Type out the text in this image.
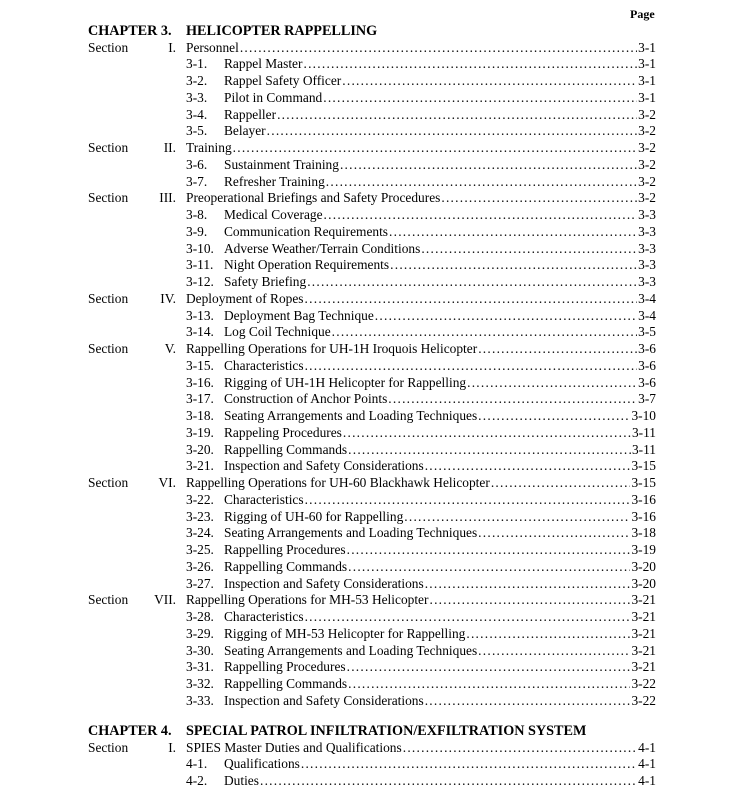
Page
CHAPTER 3. HELICOPTER RAPPELLING
Section	I. Personnel . . .	3-1
3-1.	Rappel Master . . .	3-1
3-2.	Rappel Safety Officer . . .	3-1
3-3.	Pilot in Command . . .	3-1
3-4.	Rappeller . . .	3-2
3-5.	Belayer . . .	3-2
Section	II. Training . . .	3-2
3-6.	Sustainment Training . . .	3-2
3-7.	Refresher Training . . .	3-2
Section III. Preoperational Briefings and Safety Procedures . . .	3-2
3-8.	Medical Coverage . . .	3-3
3-9.	Communication Requirements . . .	3-3
3-10. Adverse Weather/Terrain Conditions . . .	3-3
3-11. Night Operation Requirements . . .	3-3
3-12. Safety Briefing . . .	3-3
Section IV. Deployment of Ropes . . .	3-4
3-13. Deployment Bag Technique . . .	3-4
3-14. Log Coil Technique . . .	3-5
Section	V. Rappelling Operations for UH-1H Iroquois Helicopter . . .	3-6
3-15. Characteristics . . .	3-6
3-16. Rigging of UH-1H Helicopter for Rappelling . . .	3-6
3-17. Construction of Anchor Points . . .	3-7
3-18. Seating Arrangements and Loading Techniques . . .	3-10
3-19. Rappeling Procedures . . .	3-11
3-20. Rappelling Commands . . .	3-11
3-21. Inspection and Safety Considerations . . .	3-15
Section VI. Rappelling Operations for UH-60 Blackhawk Helicopter . . .	3-15
3-22. Characteristics . . .	3-16
3-23. Rigging of UH-60 for Rappelling . . .	3-16
3-24. Seating Arrangements and Loading Techniques . . .	3-18
3-25. Rappelling Procedures . . .	3-19
3-26. Rappelling Commands . . .	3-20
3-27. Inspection and Safety Considerations . . .	3-20
Section VII. Rappelling Operations for MH-53 Helicopter . . .	3-21
3-28. Characteristics . . .	3-21
3-29. Rigging of MH-53 Helicopter for Rappelling . . .	3-21
3-30. Seating Arrangements and Loading Techniques . . .	3-21
3-31. Rappelling Procedures . . .	3-21
3-32. Rappelling Commands . . .	3-22
3-33. Inspection and Safety Considerations . . .	3-22
CHAPTER 4. SPECIAL PATROL INFILTRATION/EXFILTRATION SYSTEM
Section	I. SPIES Master Duties and Qualifications . . .	4-1
4-1.	Qualifications . . .	4-1
4-2.	Duties . . .	4-1
